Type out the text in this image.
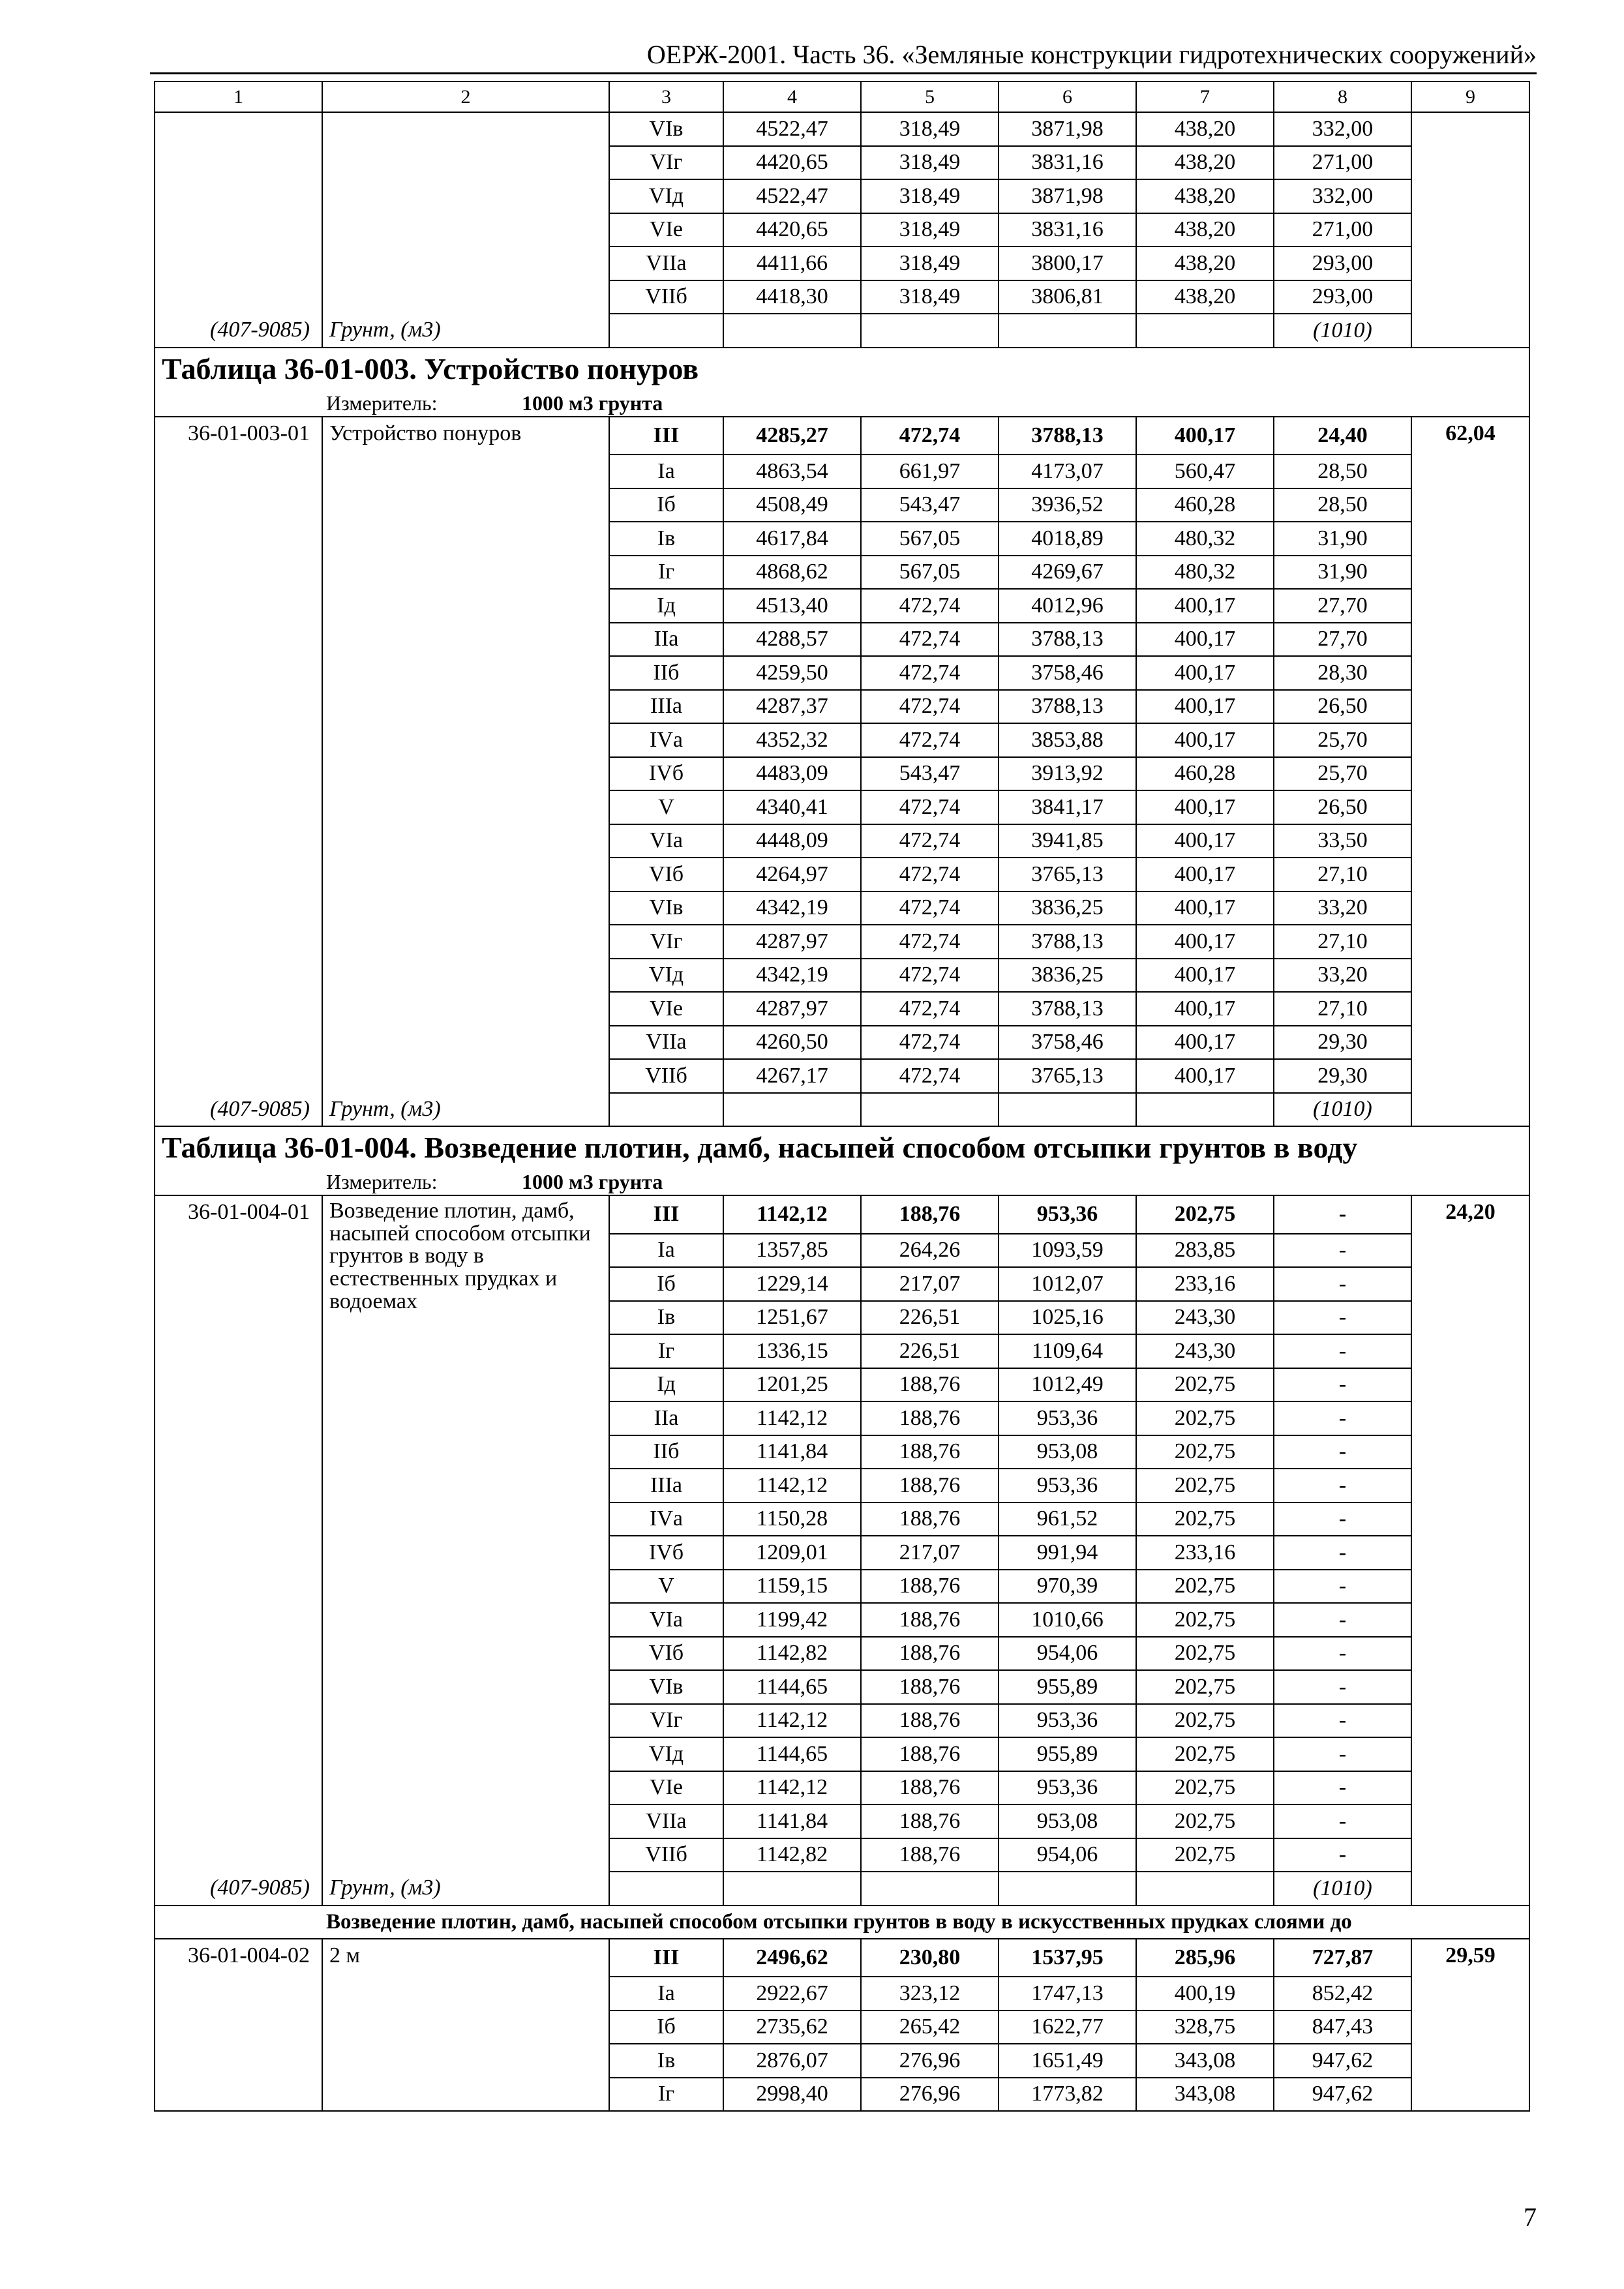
ОЕРЖ-2001. Часть 36. «Земляные конструкции гидротехнических сооружений»
1	2	3	4	5	6	7	8	9
		VIв	4522,47	318,49	3871,98	438,20	332,00	
		VIг	4420,65	318,49	3831,16	438,20	271,00	
		VIд	4522,47	318,49	3871,98	438,20	332,00	
		VIе	4420,65	318,49	3831,16	438,20	271,00	
		VIIа	4411,66	318,49	3800,17	438,20	293,00	
		VIIб	4418,30	318,49	3806,81	438,20	293,00	
(407-9085)	Грунт, (м3)						(1010)	
Таблица 36-01-003. Устройство понуров								
Измеритель: 1000 м3 грунта								
36-01-003-01	Устройство понуров	III	4285,27	472,74	3788,13	400,17	24,40	62,04
		Iа	4863,54	661,97	4173,07	560,47	28,50	
		Iб	4508,49	543,47	3936,52	460,28	28,50	
		Iв	4617,84	567,05	4018,89	480,32	31,90	
		Iг	4868,62	567,05	4269,67	480,32	31,90	
		Iд	4513,40	472,74	4012,96	400,17	27,70	
		IIа	4288,57	472,74	3788,13	400,17	27,70	
		IIб	4259,50	472,74	3758,46	400,17	28,30	
		IIIа	4287,37	472,74	3788,13	400,17	26,50	
		IVа	4352,32	472,74	3853,88	400,17	25,70	
		IVб	4483,09	543,47	3913,92	460,28	25,70	
		V	4340,41	472,74	3841,17	400,17	26,50	
		VIа	4448,09	472,74	3941,85	400,17	33,50	
		VIб	4264,97	472,74	3765,13	400,17	27,10	
		VIв	4342,19	472,74	3836,25	400,17	33,20	
		VIг	4287,97	472,74	3788,13	400,17	27,10	
		VIд	4342,19	472,74	3836,25	400,17	33,20	
		VIе	4287,97	472,74	3788,13	400,17	27,10	
		VIIа	4260,50	472,74	3758,46	400,17	29,30	
		VIIб	4267,17	472,74	3765,13	400,17	29,30	
(407-9085)	Грунт, (м3)						(1010)	
Таблица 36-01-004. Возведение плотин, дамб, насыпей способом отсыпки грунтов в воду								
Измеритель: 1000 м3 грунта								
36-01-004-01	Возведение плотин, дамб, насыпей способом отсыпки грунтов в воду в естественных прудках и водоемах	III	1142,12	188,76	953,36	202,75	-	24,20
		Iа	1357,85	264,26	1093,59	283,85	-	
		Iб	1229,14	217,07	1012,07	233,16	-	
		Iв	1251,67	226,51	1025,16	243,30	-	
		Iг	1336,15	226,51	1109,64	243,30	-	
		Iд	1201,25	188,76	1012,49	202,75	-	
		IIа	1142,12	188,76	953,36	202,75	-	
		IIб	1141,84	188,76	953,08	202,75	-	
		IIIа	1142,12	188,76	953,36	202,75	-	
		IVа	1150,28	188,76	961,52	202,75	-	
		IVб	1209,01	217,07	991,94	233,16	-	
		V	1159,15	188,76	970,39	202,75	-	
		VIа	1199,42	188,76	1010,66	202,75	-	
		VIб	1142,82	188,76	954,06	202,75	-	
		VIв	1144,65	188,76	955,89	202,75	-	
		VIг	1142,12	188,76	953,36	202,75	-	
		VIд	1144,65	188,76	955,89	202,75	-	
		VIе	1142,12	188,76	953,36	202,75	-	
		VIIа	1141,84	188,76	953,08	202,75	-	
		VIIб	1142,82	188,76	954,06	202,75	-	
(407-9085)	Грунт, (м3)						(1010)	
Возведение плотин, дамб, насыпей способом отсыпки грунтов в воду в искусственных прудках слоями до								
36-01-004-02	2 м	III	2496,62	230,80	1537,95	285,96	727,87	29,59
		Iа	2922,67	323,12	1747,13	400,19	852,42	
		Iб	2735,62	265,42	1622,77	328,75	847,43	
		Iв	2876,07	276,96	1651,49	343,08	947,62	
		Iг	2998,40	276,96	1773,82	343,08	947,62	
7
